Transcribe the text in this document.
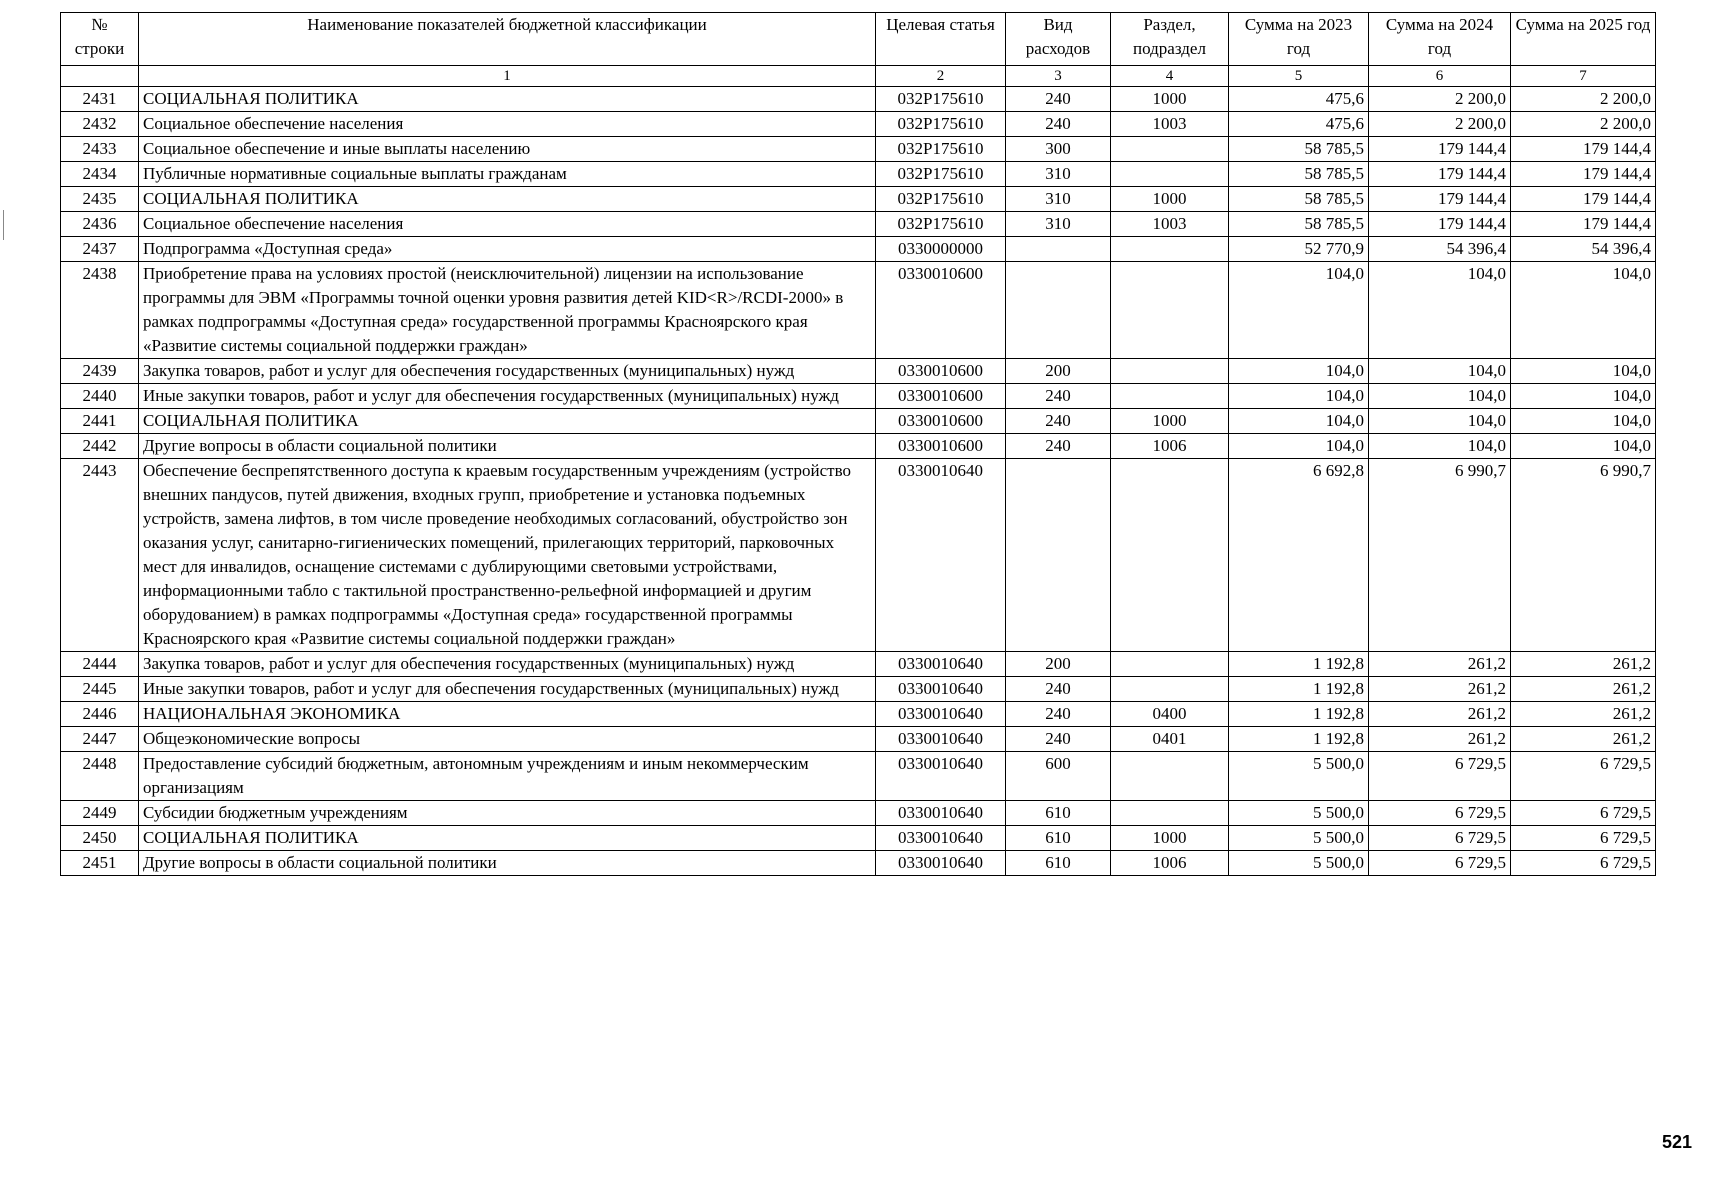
№ строки	Наименование показателей бюджетной классификации	Целевая статья	Вид расходов	Раздел, подраздел	Сумма на 2023 год	Сумма на 2024 год	Сумма на 2025 год
	1	2	3	4	5	6	7
2431	СОЦИАЛЬНАЯ ПОЛИТИКА	032P175610	240	1000	475,6	2 200,0	2 200,0
2432	Социальное обеспечение населения	032P175610	240	1003	475,6	2 200,0	2 200,0
2433	Социальное обеспечение и иные выплаты населению	032P175610	300		58 785,5	179 144,4	179 144,4
2434	Публичные нормативные социальные выплаты гражданам	032P175610	310		58 785,5	179 144,4	179 144,4
2435	СОЦИАЛЬНАЯ ПОЛИТИКА	032P175610	310	1000	58 785,5	179 144,4	179 144,4
2436	Социальное обеспечение населения	032P175610	310	1003	58 785,5	179 144,4	179 144,4
2437	Подпрограмма «Доступная среда»	0330000000			52 770,9	54 396,4	54 396,4
2438	Приобретение права на условиях простой (неисключительной) лицензии на использование программы для ЭВМ «Программы точной оценки уровня развития детей KID<R>/RCDI-2000» в рамках подпрограммы «Доступная среда» государственной программы Красноярского края «Развитие системы социальной поддержки граждан»	0330010600			104,0	104,0	104,0
2439	Закупка товаров, работ и услуг для обеспечения государственных (муниципальных) нужд	0330010600	200		104,0	104,0	104,0
2440	Иные закупки товаров, работ и услуг для обеспечения государственных (муниципальных) нужд	0330010600	240		104,0	104,0	104,0
2441	СОЦИАЛЬНАЯ ПОЛИТИКА	0330010600	240	1000	104,0	104,0	104,0
2442	Другие вопросы в области социальной политики	0330010600	240	1006	104,0	104,0	104,0
2443	Обеспечение беспрепятственного доступа к краевым государственным учреждениям (устройство внешних пандусов, путей движения, входных групп, приобретение и установка подъемных устройств, замена лифтов, в том числе проведение необходимых согласований, обустройство зон оказания услуг, санитарно-гигиенических помещений, прилегающих территорий, парковочных мест для инвалидов, оснащение системами с дублирующими световыми устройствами, информационными табло с тактильной пространственно-рельефной информацией и другим оборудованием) в рамках подпрограммы «Доступная среда» государственной программы Красноярского края «Развитие системы социальной поддержки граждан»	0330010640			6 692,8	6 990,7	6 990,7
2444	Закупка товаров, работ и услуг для обеспечения государственных (муниципальных) нужд	0330010640	200		1 192,8	261,2	261,2
2445	Иные закупки товаров, работ и услуг для обеспечения государственных (муниципальных) нужд	0330010640	240		1 192,8	261,2	261,2
2446	НАЦИОНАЛЬНАЯ ЭКОНОМИКА	0330010640	240	0400	1 192,8	261,2	261,2
2447	Общеэкономические вопросы	0330010640	240	0401	1 192,8	261,2	261,2
2448	Предоставление субсидий бюджетным, автономным учреждениям и иным некоммерческим организациям	0330010640	600		5 500,0	6 729,5	6 729,5
2449	Субсидии бюджетным учреждениям	0330010640	610		5 500,0	6 729,5	6 729,5
2450	СОЦИАЛЬНАЯ ПОЛИТИКА	0330010640	610	1000	5 500,0	6 729,5	6 729,5
2451	Другие вопросы в области социальной политики	0330010640	610	1006	5 500,0	6 729,5	6 729,5
521
